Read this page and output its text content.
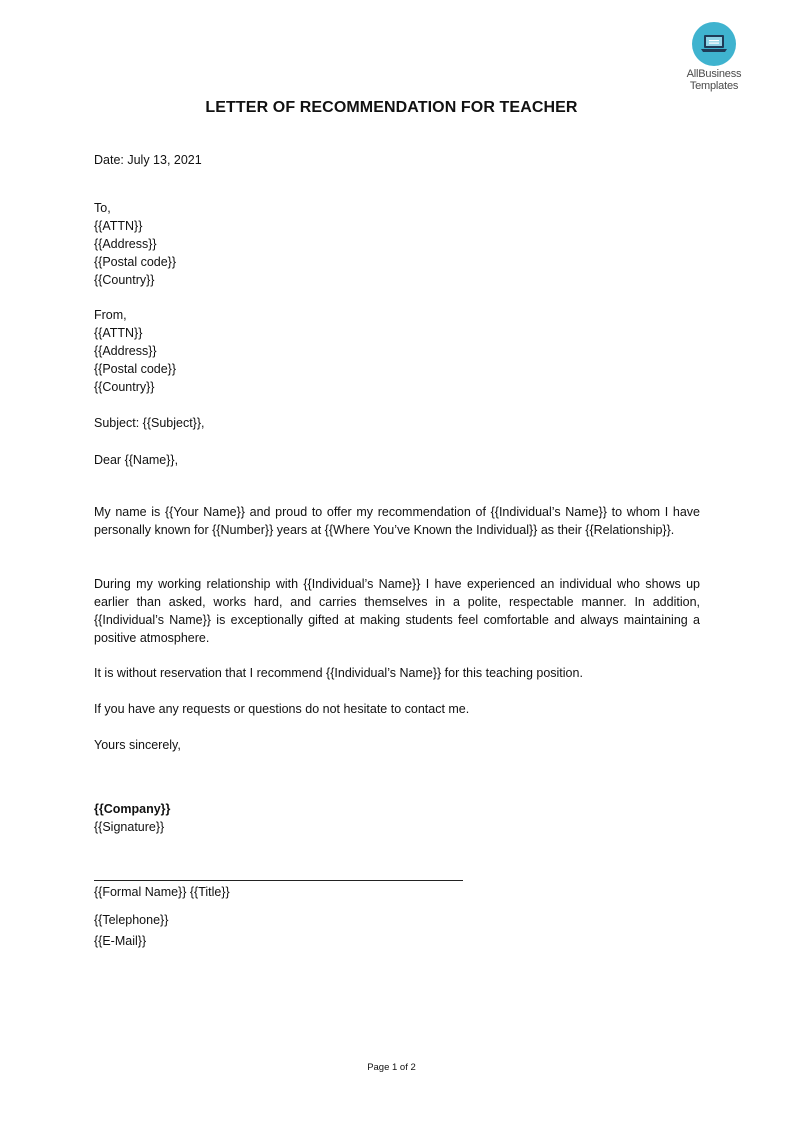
AllBusiness
Templates
LETTER OF RECOMMENDATION FOR TEACHER
Date: July 13, 2021
To,
{{ATTN}}
{{Address}}
{{Postal code}}
{{Country}}
From,
{{ATTN}}
{{Address}}
{{Postal code}}
{{Country}}
Subject: {{Subject}},
Dear {{Name}},
My name is {{Your Name}} and proud to offer my recommendation of {{Individual’s Name}} to whom I have personally known for {{Number}} years at {{Where You’ve Known the Individual}} as their {{Relationship}}.
During my working relationship with {{Individual’s Name}} I have experienced an individual who shows up earlier than asked, works hard, and carries themselves in a polite, respectable manner. In addition, {{Individual’s Name}} is exceptionally gifted at making students feel comfortable and always maintaining a positive atmosphere.
It is without reservation that I recommend {{Individual’s Name}} for this teaching position.
If you have any requests or questions do not hesitate to contact me.
Yours sincerely,
{{Company}}
{{Signature}}
{{Formal Name}} {{Title}}
{{Telephone}}
{{E-Mail}}
Page 1 of 2
